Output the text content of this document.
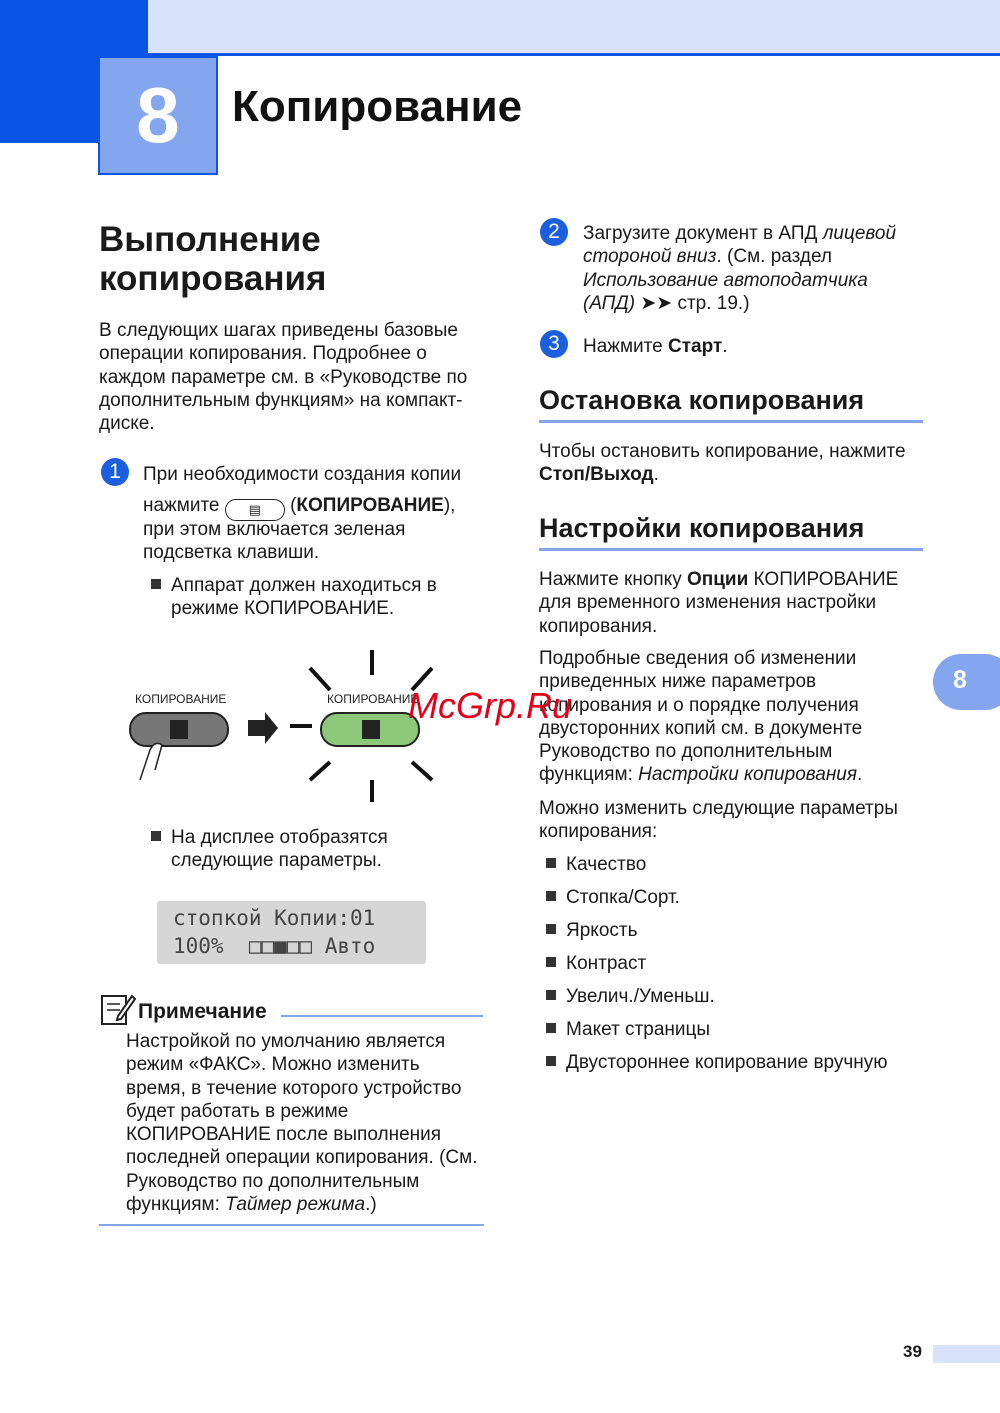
8	Копирование
Выполнение
копирования
В следующих шагах приведены базовые
операции копирования. Подробнее о
каждом параметре см. в «Руководстве по
дополнительным функциям» на компакт-
диске.
1	При необходимости создания копии
нажмите ▤ (КОПИРОВАНИЕ),
при этом включается зеленая
подсветка клавиши.
Аппарат должен находиться в
режиме КОПИРОВАНИЕ.
КОПИРОВАНИЕ	КОПИРОВАНИЕ
На дисплее отобразятся
следующие параметры.
стопкой Копии:01
100%  □□■□□ Авто
Примечание
Настройкой по умолчанию является
режим «ФАКС». Можно изменить
время, в течение которого устройство
будет работать в режиме
КОПИРОВАНИЕ после выполнения
последней операции копирования. (См.
Руководство по дополнительным
функциям: Таймер режима.)
2	Загрузите документ в АПД лицевой
стороной вниз. (См. раздел
Использование автоподатчика
(АПД) ➤➤ стр. 19.)
3	Нажмите Старт.
Остановка копирования
Чтобы остановить копирование, нажмите
Стоп/Выход.
Настройки копирования
Нажмите кнопку Опции КОПИРОВАНИЕ
для временного изменения настройки
копирования.
Подробные сведения об изменении
приведенных ниже параметров
копирования и о порядке получения
двусторонних копий см. в документе
Руководство по дополнительным
функциям: Настройки копирования.
Можно изменить следующие параметры
копирования:
Качество
Стопка/Сорт.
Яркость
Контраст
Увелич./Уменьш.
Макет страницы
Двустороннее копирование вручную
8
McGrp.Ru
39
